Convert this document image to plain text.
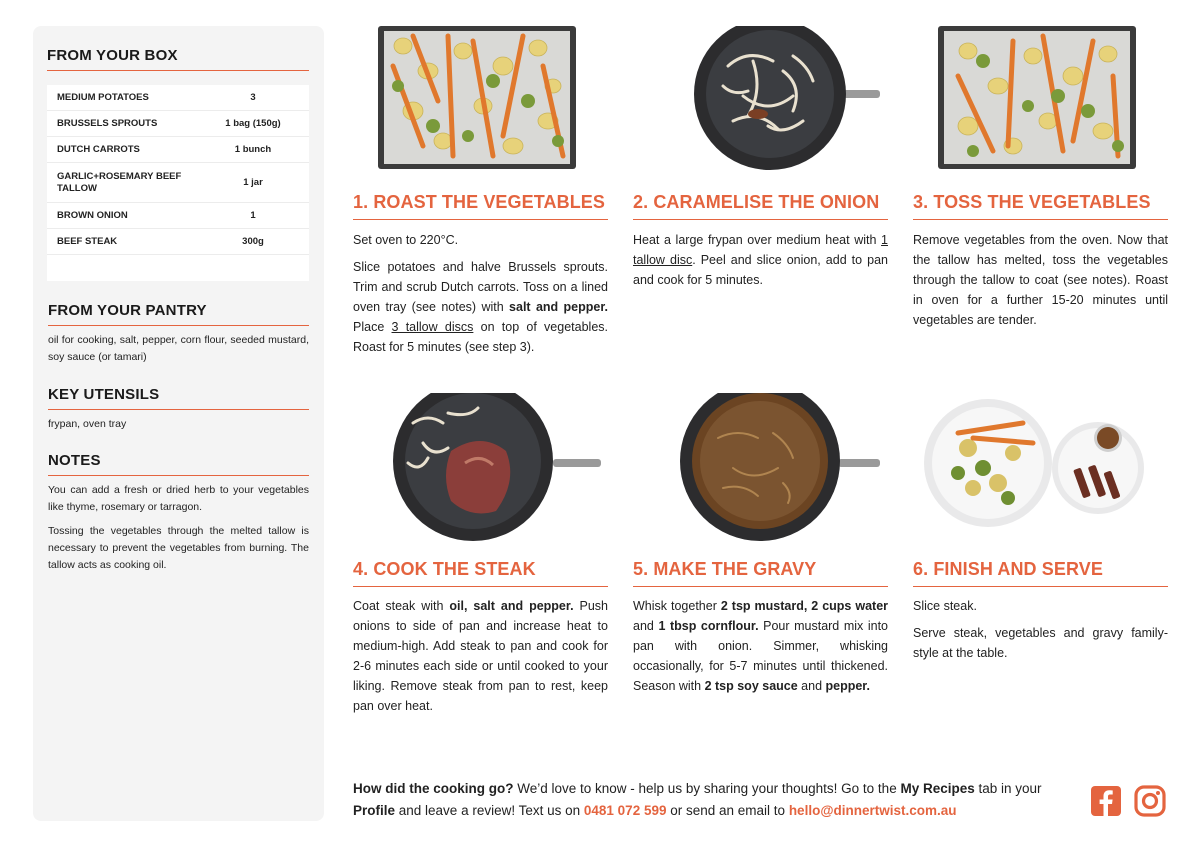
FROM YOUR BOX
MEDIUM POTATOES	3
BRUSSELS SPROUTS	1 bag (150g)
DUTCH CARROTS	1 bunch
GARLIC+ROSEMARY BEEF TALLOW	1 jar
BROWN ONION	1
BEEF STEAK	300g
FROM YOUR PANTRY

oil for cooking, salt, pepper, corn flour, seeded mustard, soy sauce (or tamari)

KEY UTENSILS

frypan, oven tray

NOTES

You can add a fresh or dried herb to your vegetables like thyme, rosemary or tarragon.

Tossing the vegetables through the melted tallow is necessary to prevent the vegetables from burning. The tallow acts as cooking oil.

1. ROAST THE VEGETABLES

Set oven to 220°C.

Slice potatoes and halve Brussels sprouts. Trim and scrub Dutch carrots. Toss on a lined oven tray (see notes) with salt and pepper. Place 3 tallow discs on top of vegetables. Roast for 5 minutes (see step 3).

2. CARAMELISE THE ONION

Heat a large frypan over medium heat with 1 tallow disc. Peel and slice onion, add to pan and cook for 5 minutes.

3. TOSS THE VEGETABLES

Remove vegetables from the oven. Now that the tallow has melted, toss the vegetables through the tallow to coat (see notes). Roast in oven for a further 15-20 minutes until vegetables are tender.

4. COOK THE STEAK

Coat steak with oil, salt and pepper. Push onions to side of pan and increase heat to medium-high. Add steak to pan and cook for 2-6 minutes each side or until cooked to your liking. Remove steak from pan to rest, keep pan over heat.

5. MAKE THE GRAVY

Whisk together 2 tsp mustard, 2 cups water and 1 tbsp cornflour. Pour mustard mix into pan with onion. Simmer, whisking occasionally, for 5-7 minutes until thickened. Season with 2 tsp soy sauce and pepper.

6. FINISH AND SERVE

Slice steak.

Serve steak, vegetables and gravy family-style at the table.

How did the cooking go? We’d love to know - help us by sharing your thoughts! Go to the My Recipes tab in your Profile and leave a review! Text us on 0481 072 599 or send an email to hello@dinnertwist.com.au
